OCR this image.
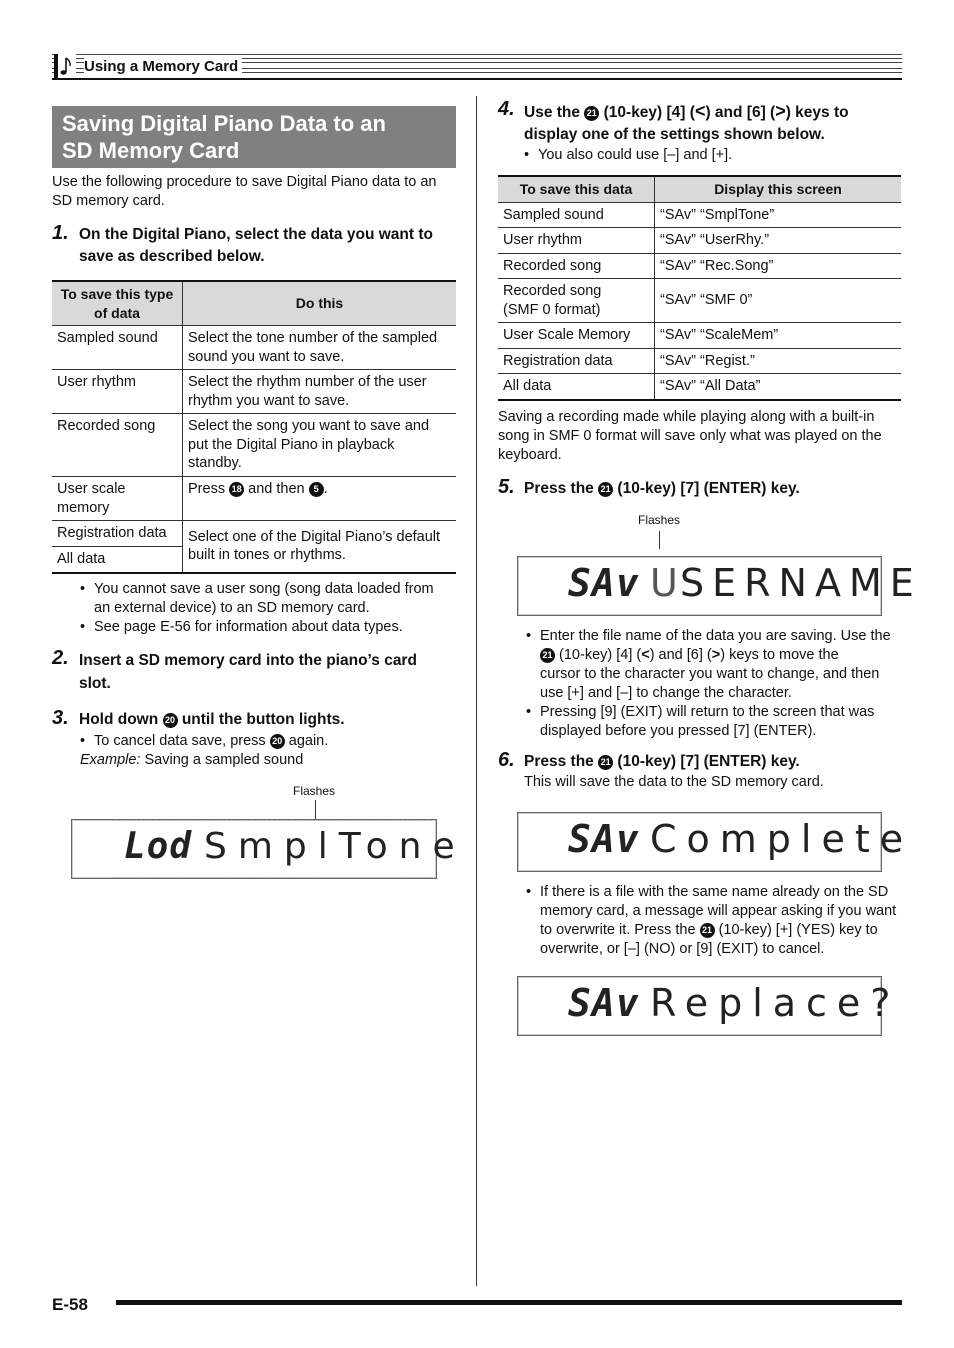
Using a Memory Card
Saving Digital Piano Data to an
SD Memory Card
Use the following procedure to save Digital Piano data to an
SD memory card.
1. On the Digital Piano, select the data you want to
save as described below.
To save this type
of data	Do this
Sampled sound	Select the tone number of the sampled
sound you want to save.

User rhythm	Select the rhythm number of the user
rhythm you want to save.

Recorded song	Select the song you want to save and
put the Digital Piano in playback
standby.

User scale
memory	Press 18 and then 5 .
Registration data	Select one of the Digital Piano’s default
built in tones or rhythms.

All data	
• You cannot save a user song (song data loaded from
an external device) to an SD memory card.
• See page E-56 for information about data types.
2. Insert a SD memory card into the piano’s card
slot.
3. Hold down 20 until the button lights.
• To cancel data save, press 20 again.
Example: Saving a sampled sound
Flashes
Lod SmplTone
4. Use the 21 (10-key) [4] (<) and [6] (>) keys to
display one of the settings shown below.
• You also could use [–] and [+].
To save this data	Display this screen
Sampled sound	“SAv” “SmplTone”
User rhythm	“SAv” “UserRhy.”
Recorded song	“SAv” “Rec.Song”

Recorded song
(SMF 0 format)	“SAv” “SMF 0”
User Scale Memory	“SAv” “ScaleMem”
Registration data	“SAv” “Regist.”
All data	“SAv” “All Data”
Saving a recording made while playing along with a built-in
song in SMF 0 format will save only what was played on the
keyboard.
5. Press the 21 (10-key) [7] (ENTER) key.
Flashes
SAv U SERNAME
• Enter the file name of the data you are saving. Use the
21 (10-key) [4] (<) and [6] (>) keys to move the
cursor to the character you want to change, and then
use [+] and [–] to change the character.
• Pressing [9] (EXIT) will return to the screen that was
displayed before you pressed [7] (ENTER).
6. Press the 21 (10-key) [7] (ENTER) key.
This will save the data to the SD memory card.
SAv Complete
• If there is a file with the same name already on the SD
memory card, a message will appear asking if you want
to overwrite it. Press the 21 (10-key) [+] (YES) key to
overwrite, or [–] (NO) or [9] (EXIT) to cancel.
SAv Replace?
E-58
